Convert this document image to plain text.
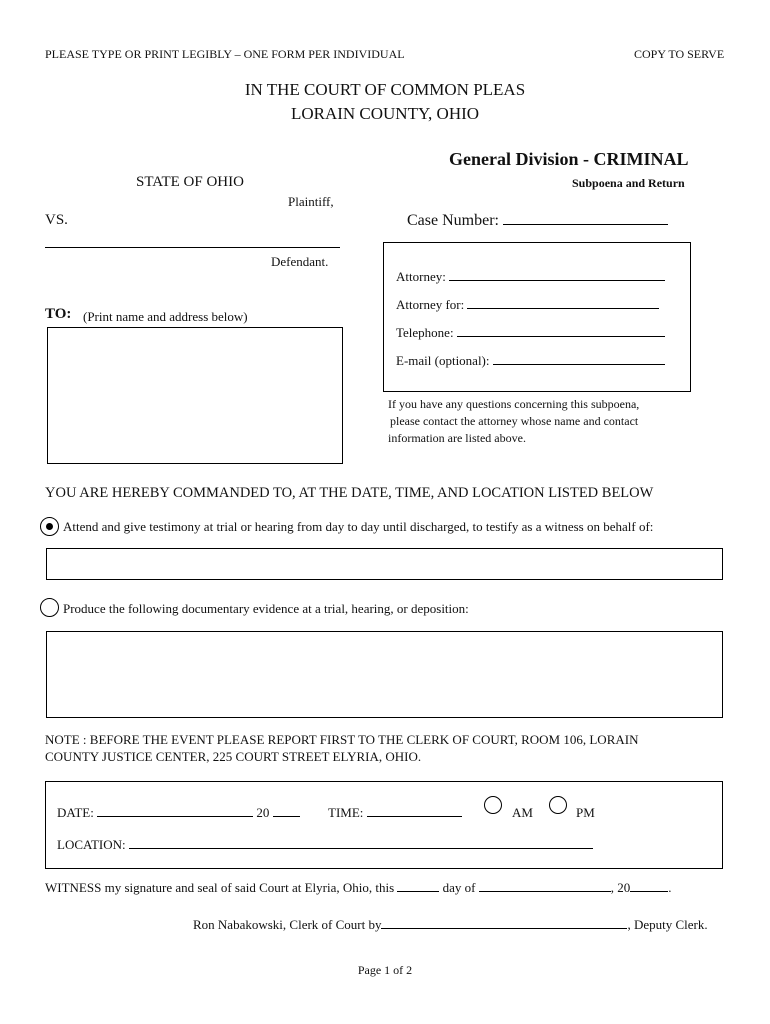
PLEASE TYPE OR PRINT LEGIBLY – ONE FORM PER INDIVIDUAL	COPY TO SERVE
IN THE COURT OF COMMON PLEAS
LORAIN COUNTY, OHIO
General Division - CRIMINAL
Subpoena and Return
STATE OF OHIO
Plaintiff,
VS.
Defendant.
Case Number:
Attorney:
Attorney for:
Telephone:
E-mail (optional):
If you have any questions concerning this subpoena,
please contact the attorney whose name and contact
information are listed above.
TO: (Print name and address below)
YOU ARE HEREBY COMMANDED TO, AT THE DATE, TIME, AND LOCATION LISTED BELOW
Attend and give testimony at trial or hearing from day to day until discharged, to testify as a witness on behalf of:
Produce the following documentary evidence at a trial, hearing, or deposition:
NOTE : BEFORE THE EVENT PLEASE REPORT FIRST TO THE CLERK OF COURT, ROOM 106, LORAIN
COUNTY JUSTICE CENTER, 225 COURT STREET ELYRIA, OHIO.
DATE:	20	TIME:	AM	PM
LOCATION:
WITNESS my signature and seal of said Court at Elyria, Ohio, this	day of	, 20	.
Ron Nabakowski, Clerk of Court by	, Deputy Clerk.
Page 1 of 2
